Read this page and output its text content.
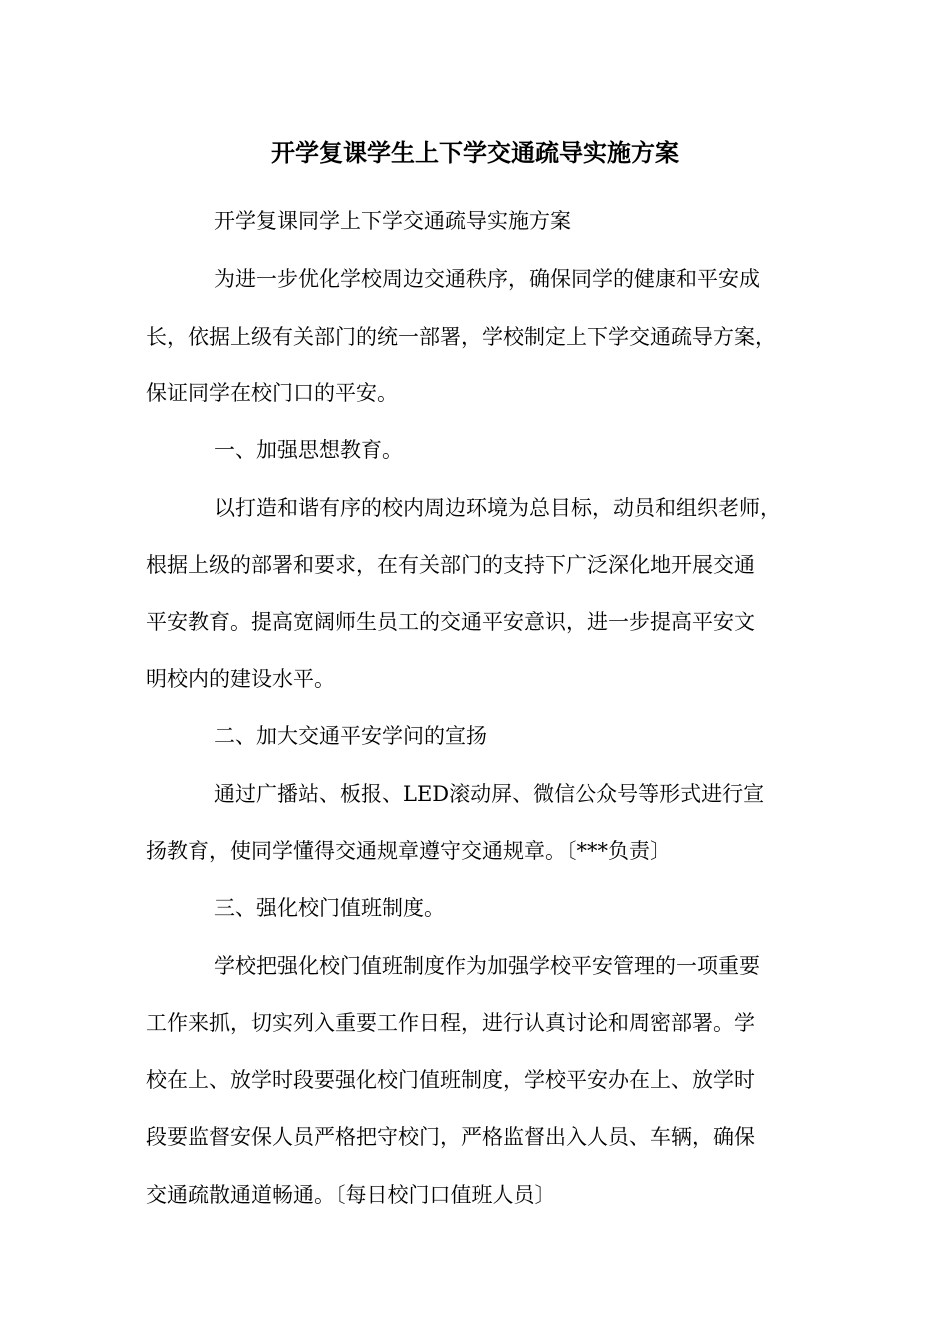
开学复课学生上下学交通疏导实施方案
开学复课同学上下学交通疏导实施方案
为进一步优化学校周边交通秩序，确保同学的健康和平安成
长，依据上级有关部门的统一部署，学校制定上下学交通疏导方案，
保证同学在校门口的平安。
一、加强思想教育。
以打造和谐有序的校内周边环境为总目标，动员和组织老师，
根据上级的部署和要求，在有关部门的支持下广泛深化地开展交通
平安教育。提高宽阔师生员工的交通平安意识，进一步提高平安文
明校内的建设水平。
二、加大交通平安学问的宣扬
通过广播站、板报、LED滚动屏、微信公众号等形式进行宣
扬教育，使同学懂得交通规章遵守交通规章。〔***负责〕
三、强化校门值班制度。
学校把强化校门值班制度作为加强学校平安管理的一项重要
工作来抓，切实列入重要工作日程，进行认真讨论和周密部署。学
校在上、放学时段要强化校门值班制度，学校平安办在上、放学时
段要监督安保人员严格把守校门，严格监督出入人员、车辆，确保
交通疏散通道畅通。〔每日校门口值班人员〕
